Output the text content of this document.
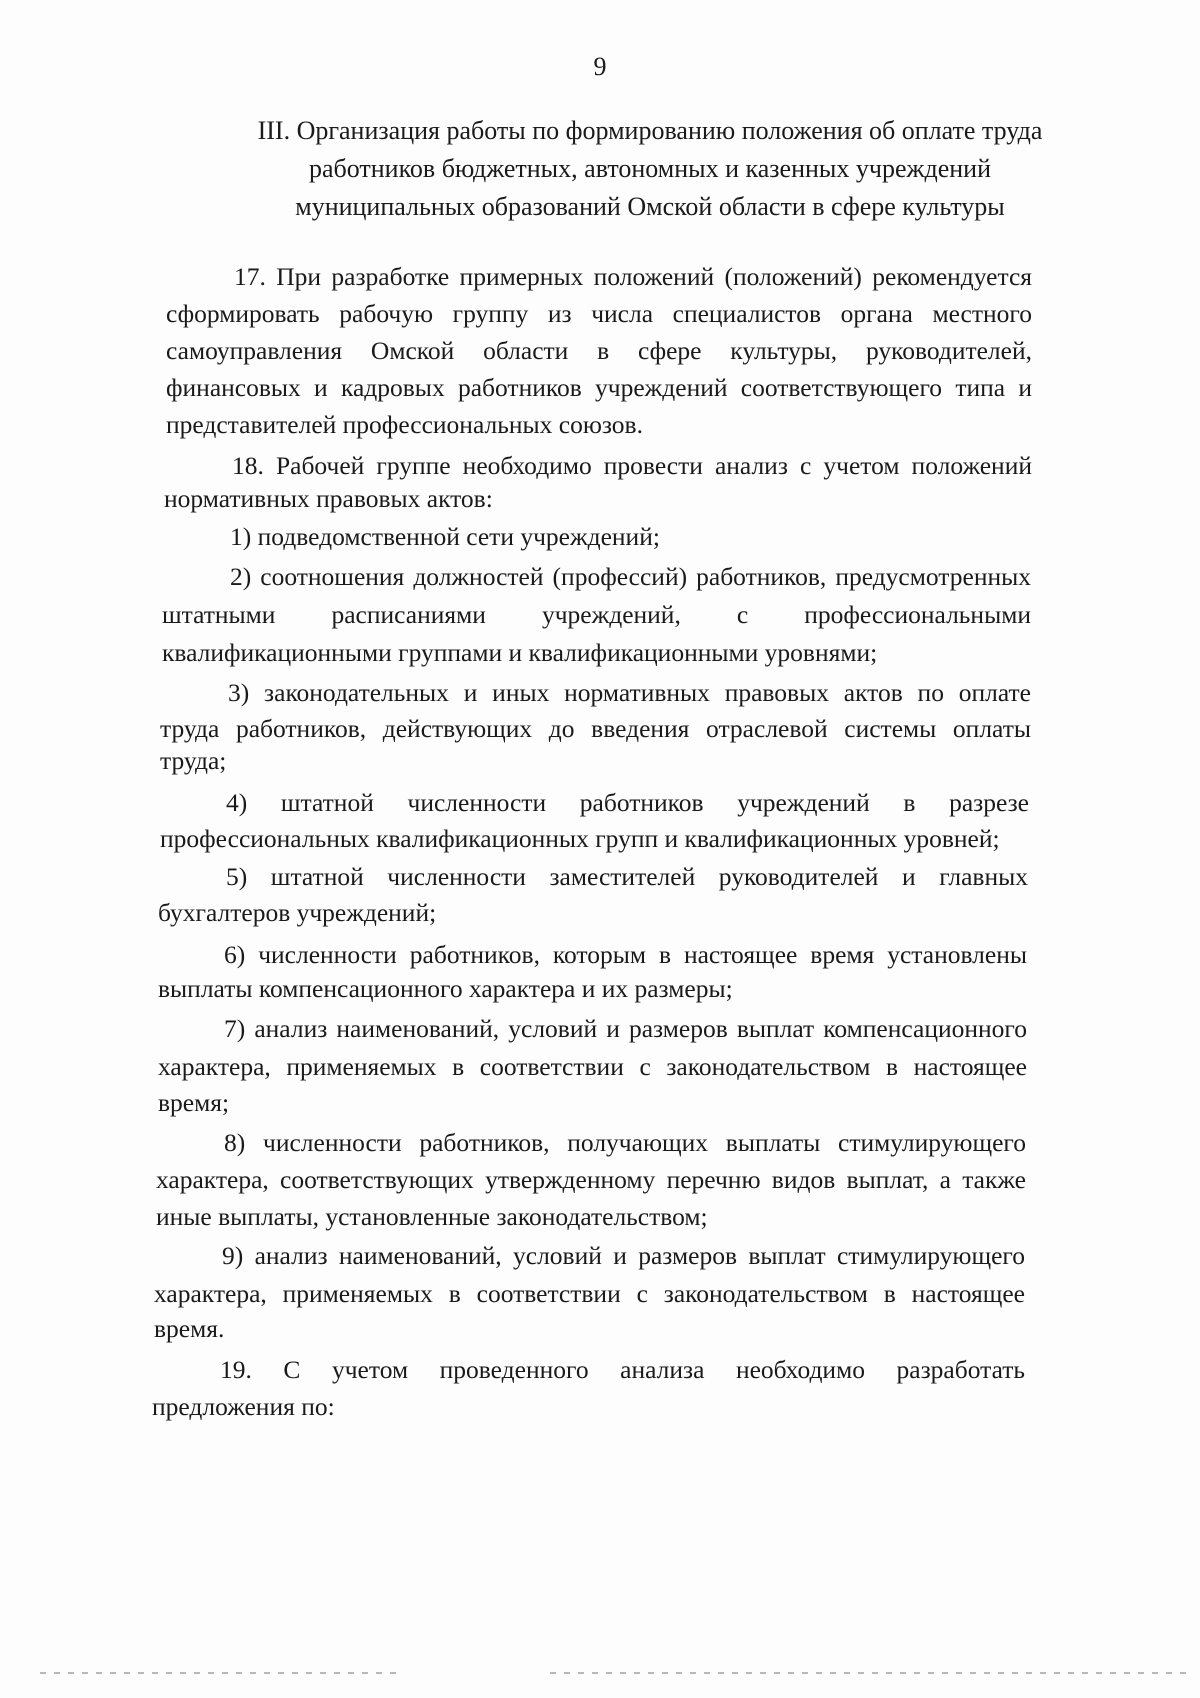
9
III. Организация работы по формированию положения об оплате труда
работников бюджетных, автономных и казенных учреждений
муниципальных образований Омской области в сфере культуры
17. При разработке примерных положений (положений) рекомендуется
сформировать рабочую группу из числа специалистов органа местного
самоуправления Омской области в сфере культуры, руководителей,
финансовых и кадровых работников учреждений соответствующего типа и
представителей профессиональных союзов.
18. Рабочей группе необходимо провести анализ с учетом положений
нормативных правовых актов:
1) подведомственной сети учреждений;
2) соотношения должностей (профессий) работников, предусмотренных
штатными расписаниями учреждений, с профессиональными
квалификационными группами и квалификационными уровнями;
3) законодательных и иных нормативных правовых актов по оплате
труда работников, действующих до введения отраслевой системы оплаты
труда;
4) штатной численности работников учреждений в разрезе
профессиональных квалификационных групп и квалификационных уровней;
5) штатной численности заместителей руководителей и главных
бухгалтеров учреждений;
6) численности работников, которым в настоящее время установлены
выплаты компенсационного характера и их размеры;
7) анализ наименований, условий и размеров выплат компенсационного
характера, применяемых в соответствии с законодательством в настоящее
время;
8) численности работников, получающих выплаты стимулирующего
характера, соответствующих утвержденному перечню видов выплат, а также
иные выплаты, установленные законодательством;
9) анализ наименований, условий и размеров выплат стимулирующего
характера, применяемых в соответствии с законодательством в настоящее
время.
19. С учетом проведенного анализа необходимо разработать
предложения по:
